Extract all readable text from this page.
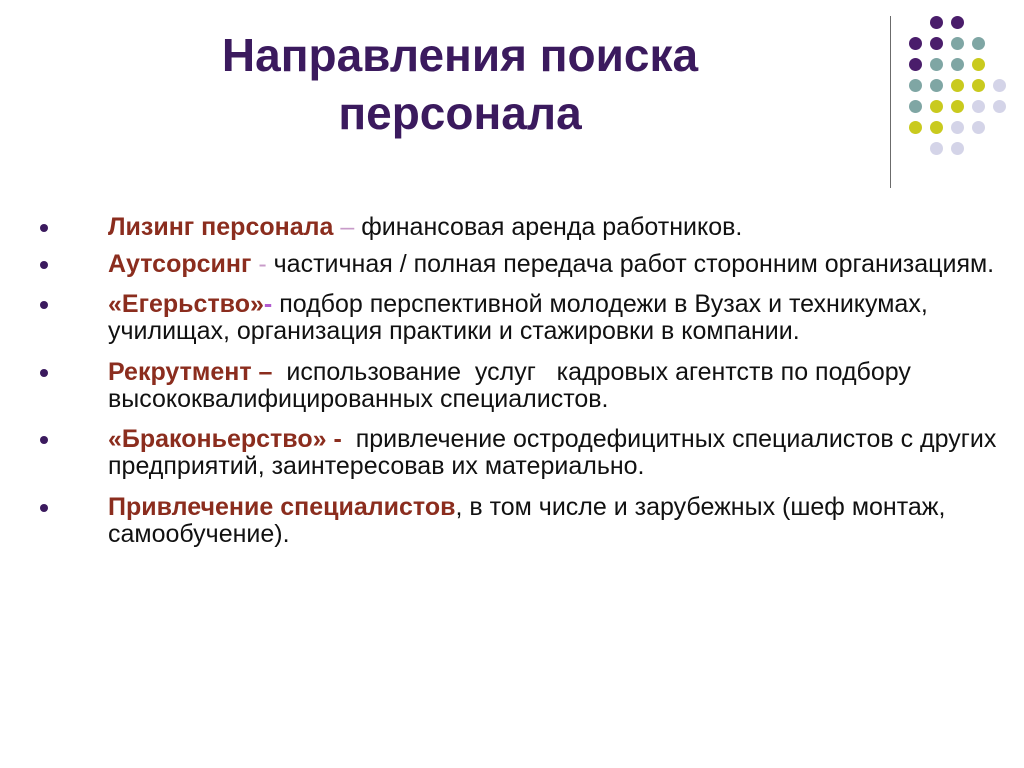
Направления поиска
персонала
Лизинг персонала – финансовая аренда работников.
Аутсорсинг - частичная / полная передача работ сторонним организациям.
«Егерьство»- подбор перспективной молодежи в Вузах и техникумах, училищах, организация практики и стажировки в компании.
Рекрутмент – использование  услуг   кадровых агентств по подбору высококвалифицированных специалистов.
«Браконьерство» - привлечение остродефицитных специалистов с других предприятий, заинтересовав их материально.
Привлечение специалистов, в том числе и зарубежных (шеф монтаж, самообучение).
